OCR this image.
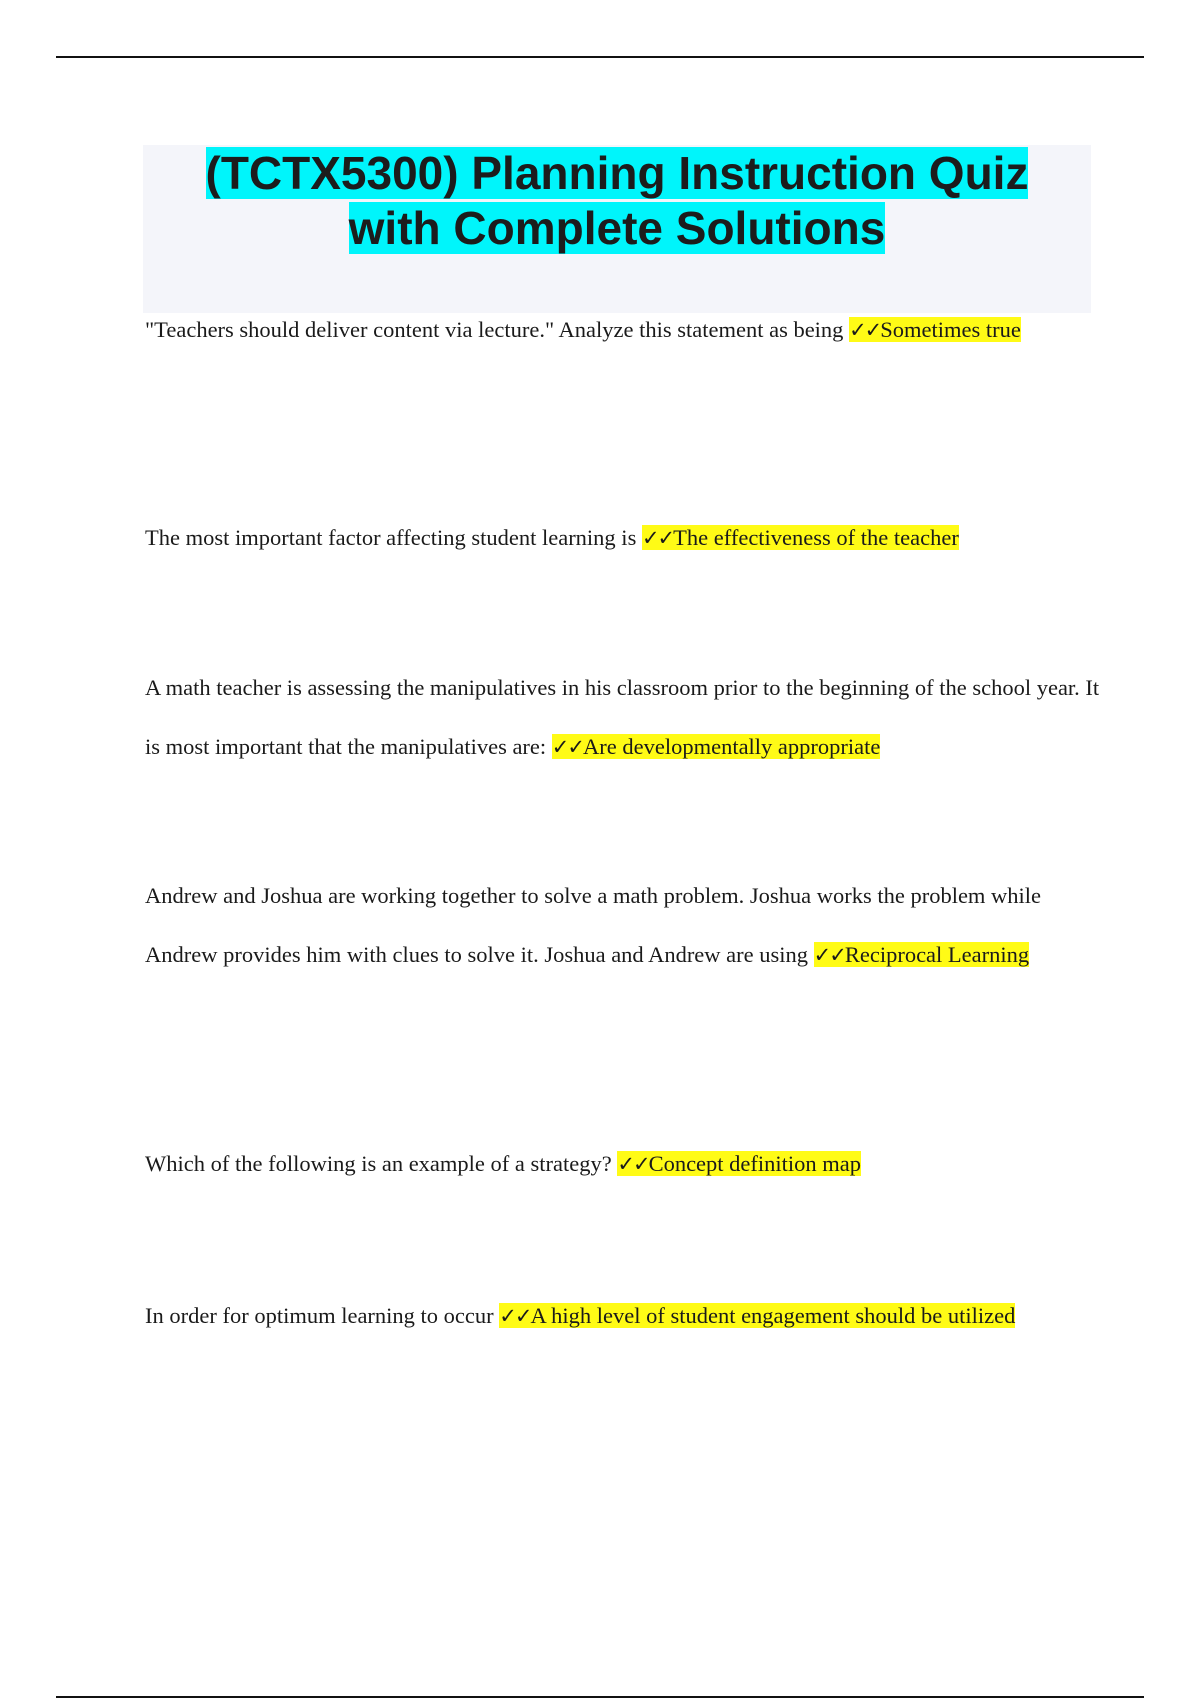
(TCTX5300) Planning Instruction Quiz
with Complete Solutions

"Teachers should deliver content via lecture." Analyze this statement as being ✓✓Sometimes true

The most important factor affecting student learning is ✓✓The effectiveness of the teacher

A math teacher is assessing the manipulatives in his classroom prior to the beginning of the school year. It is most important that the manipulatives are: ✓✓Are developmentally appropriate

Andrew and Joshua are working together to solve a math problem. Joshua works the problem while Andrew provides him with clues to solve it. Joshua and Andrew are using ✓✓Reciprocal Learning

Which of the following is an example of a strategy? ✓✓Concept definition map

In order for optimum learning to occur ✓✓A high level of student engagement should be utilized
